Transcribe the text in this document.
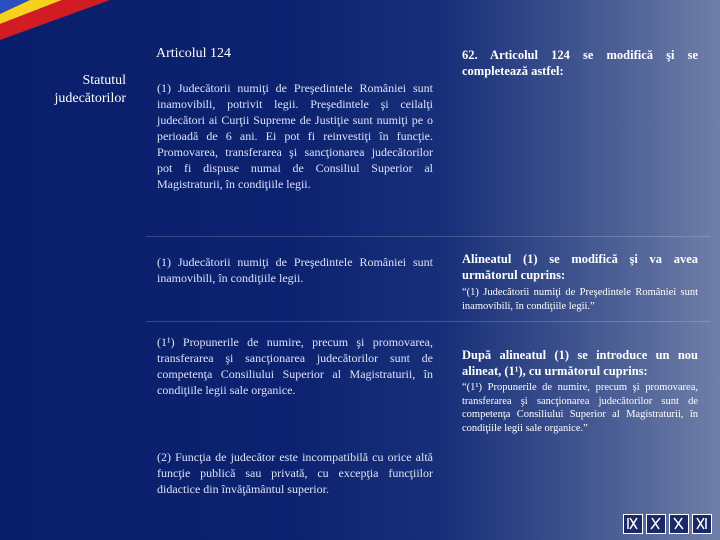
Articolul 124
Statutul
judecătorilor
(1) Judecătorii numiţi de Preşedintele României sunt inamovibili, potrivit legii. Preşedintele şi ceilalţi judecători ai Curţii Supreme de Justiţie sunt numiţi pe o perioadă de 6 ani. Ei pot fi reinvestiţi în funcţie. Promovarea, transferarea şi sancţionarea judecătorilor pot fi dispuse numai de Consiliul Superior al Magistraturii, în condiţiile legii.
62. Articolul 124 se modifică şi se completează astfel:
(1) Judecătorii numiţi de Preşedintele României sunt inamovibili, în condiţiile legii.
Alineatul (1) se modifică şi va avea următorul cuprins:
“(1) Judecătorii numiţi de Preşedintele României sunt inamovibili, în condiţiile legii.”
(1¹) Propunerile de numire, precum şi promovarea, transferarea şi sancţionarea judecătorilor sunt de competenţa Consiliului Superior al Magistraturii, în condiţiile legii sale organice.
După alineatul (1) se introduce un nou alineat, (1¹), cu următorul cuprins:
“(1¹) Propunerile de numire, precum şi promovarea, transferarea şi sancţionarea judecătorilor sunt de competenţa Consiliului Superior al Magistraturii, în condiţiile legii sale organice.”
(2) Funcţia de judecător este incompatibilă cu orice altă funcţie publică sau privată, cu excepţia funcţiilor didactice din învăţământul superior.
